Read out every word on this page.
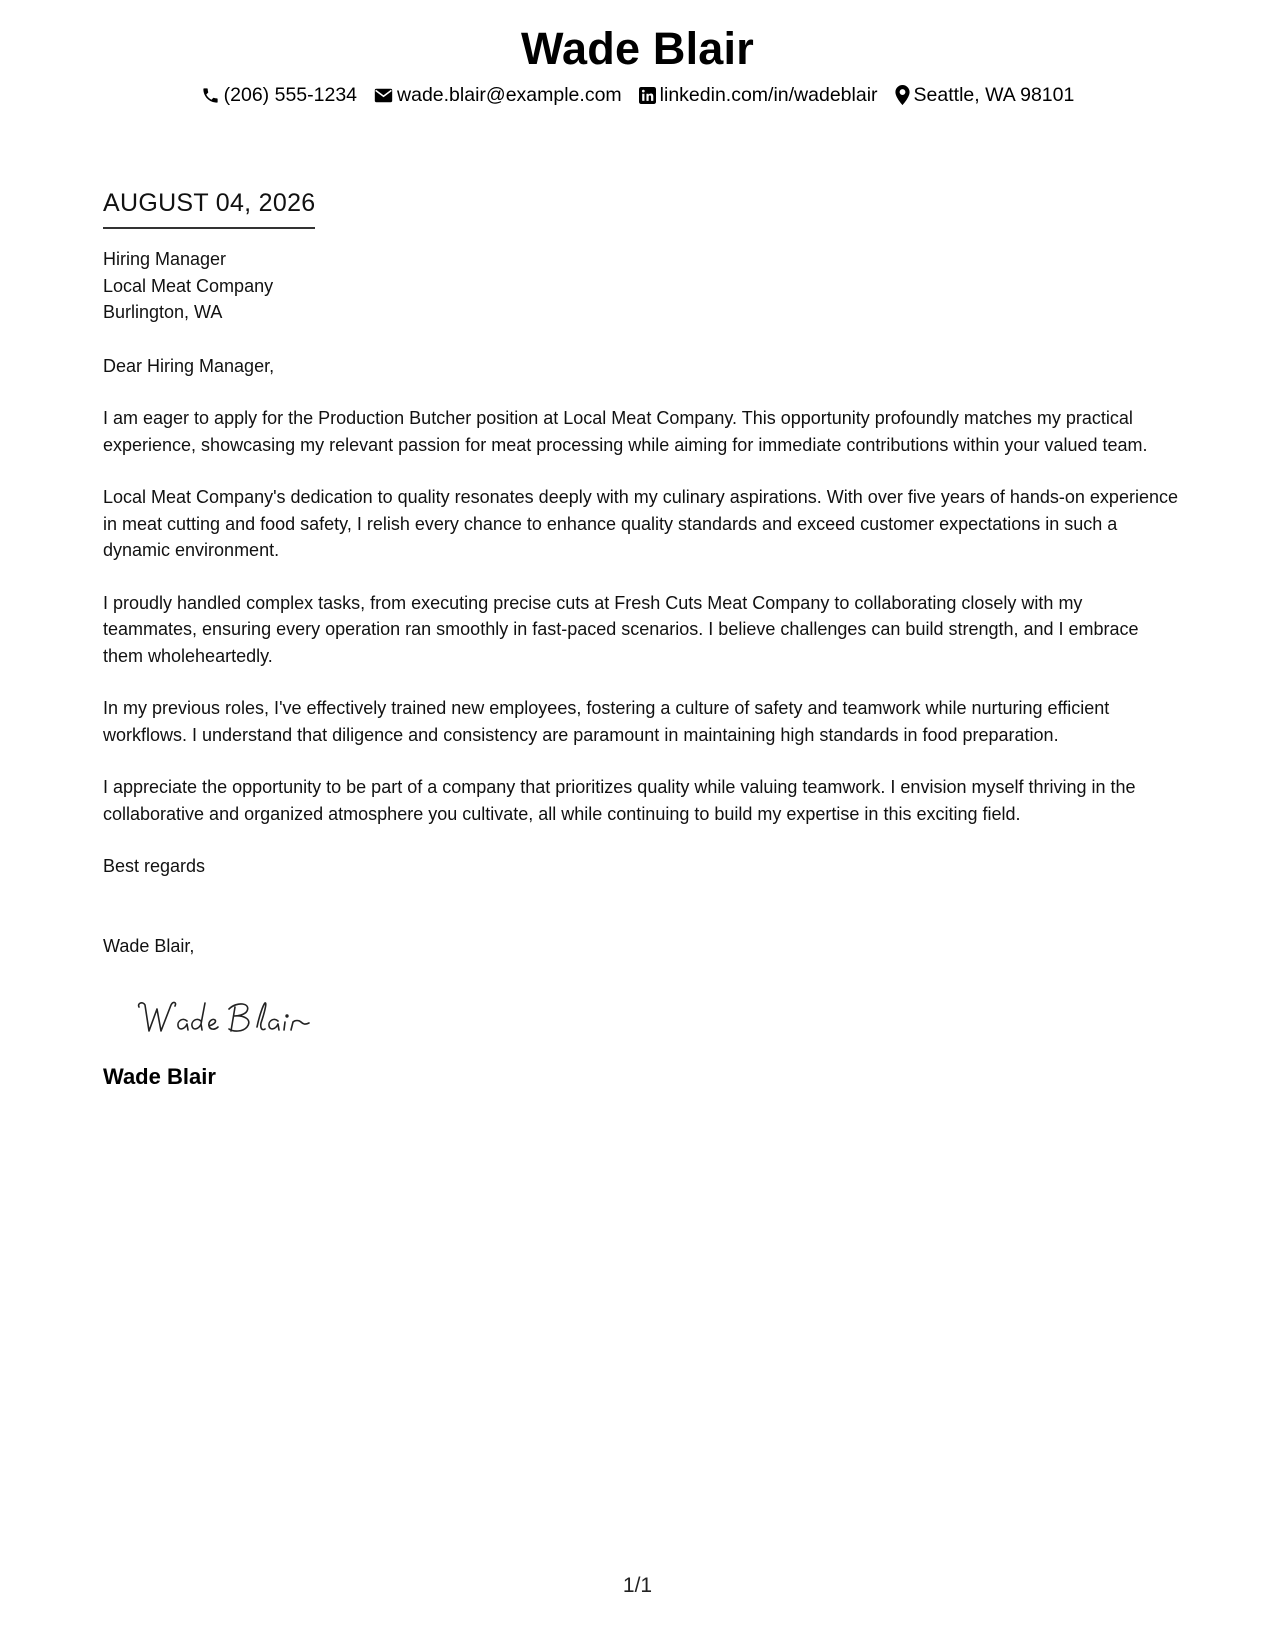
Wade Blair
(206) 555-1234 wade.blair@example.com linkedin.com/in/wadeblair Seattle, WA 98101
AUGUST 04, 2026
Hiring Manager
Local Meat Company
Burlington, WA
Dear Hiring Manager,

I am eager to apply for the Production Butcher position at Local Meat Company. This opportunity profoundly matches my practical experience, showcasing my relevant passion for meat processing while aiming for immediate contributions within your valued team.

Local Meat Company's dedication to quality resonates deeply with my culinary aspirations. With over five years of hands-on experience in meat cutting and food safety, I relish every chance to enhance quality standards and exceed customer expectations in such a dynamic environment.

I proudly handled complex tasks, from executing precise cuts at Fresh Cuts Meat Company to collaborating closely with my teammates, ensuring every operation ran smoothly in fast-paced scenarios. I believe challenges can build strength, and I embrace them wholeheartedly.

In my previous roles, I've effectively trained new employees, fostering a culture of safety and teamwork while nurturing efficient workflows. I understand that diligence and consistency are paramount in maintaining high standards in food preparation.

I appreciate the opportunity to be part of a company that prioritizes quality while valuing teamwork. I envision myself thriving in the collaborative and organized atmosphere you cultivate, all while continuing to build my expertise in this exciting field.

Best regards
Wade Blair,
Wade Blair
1/1
